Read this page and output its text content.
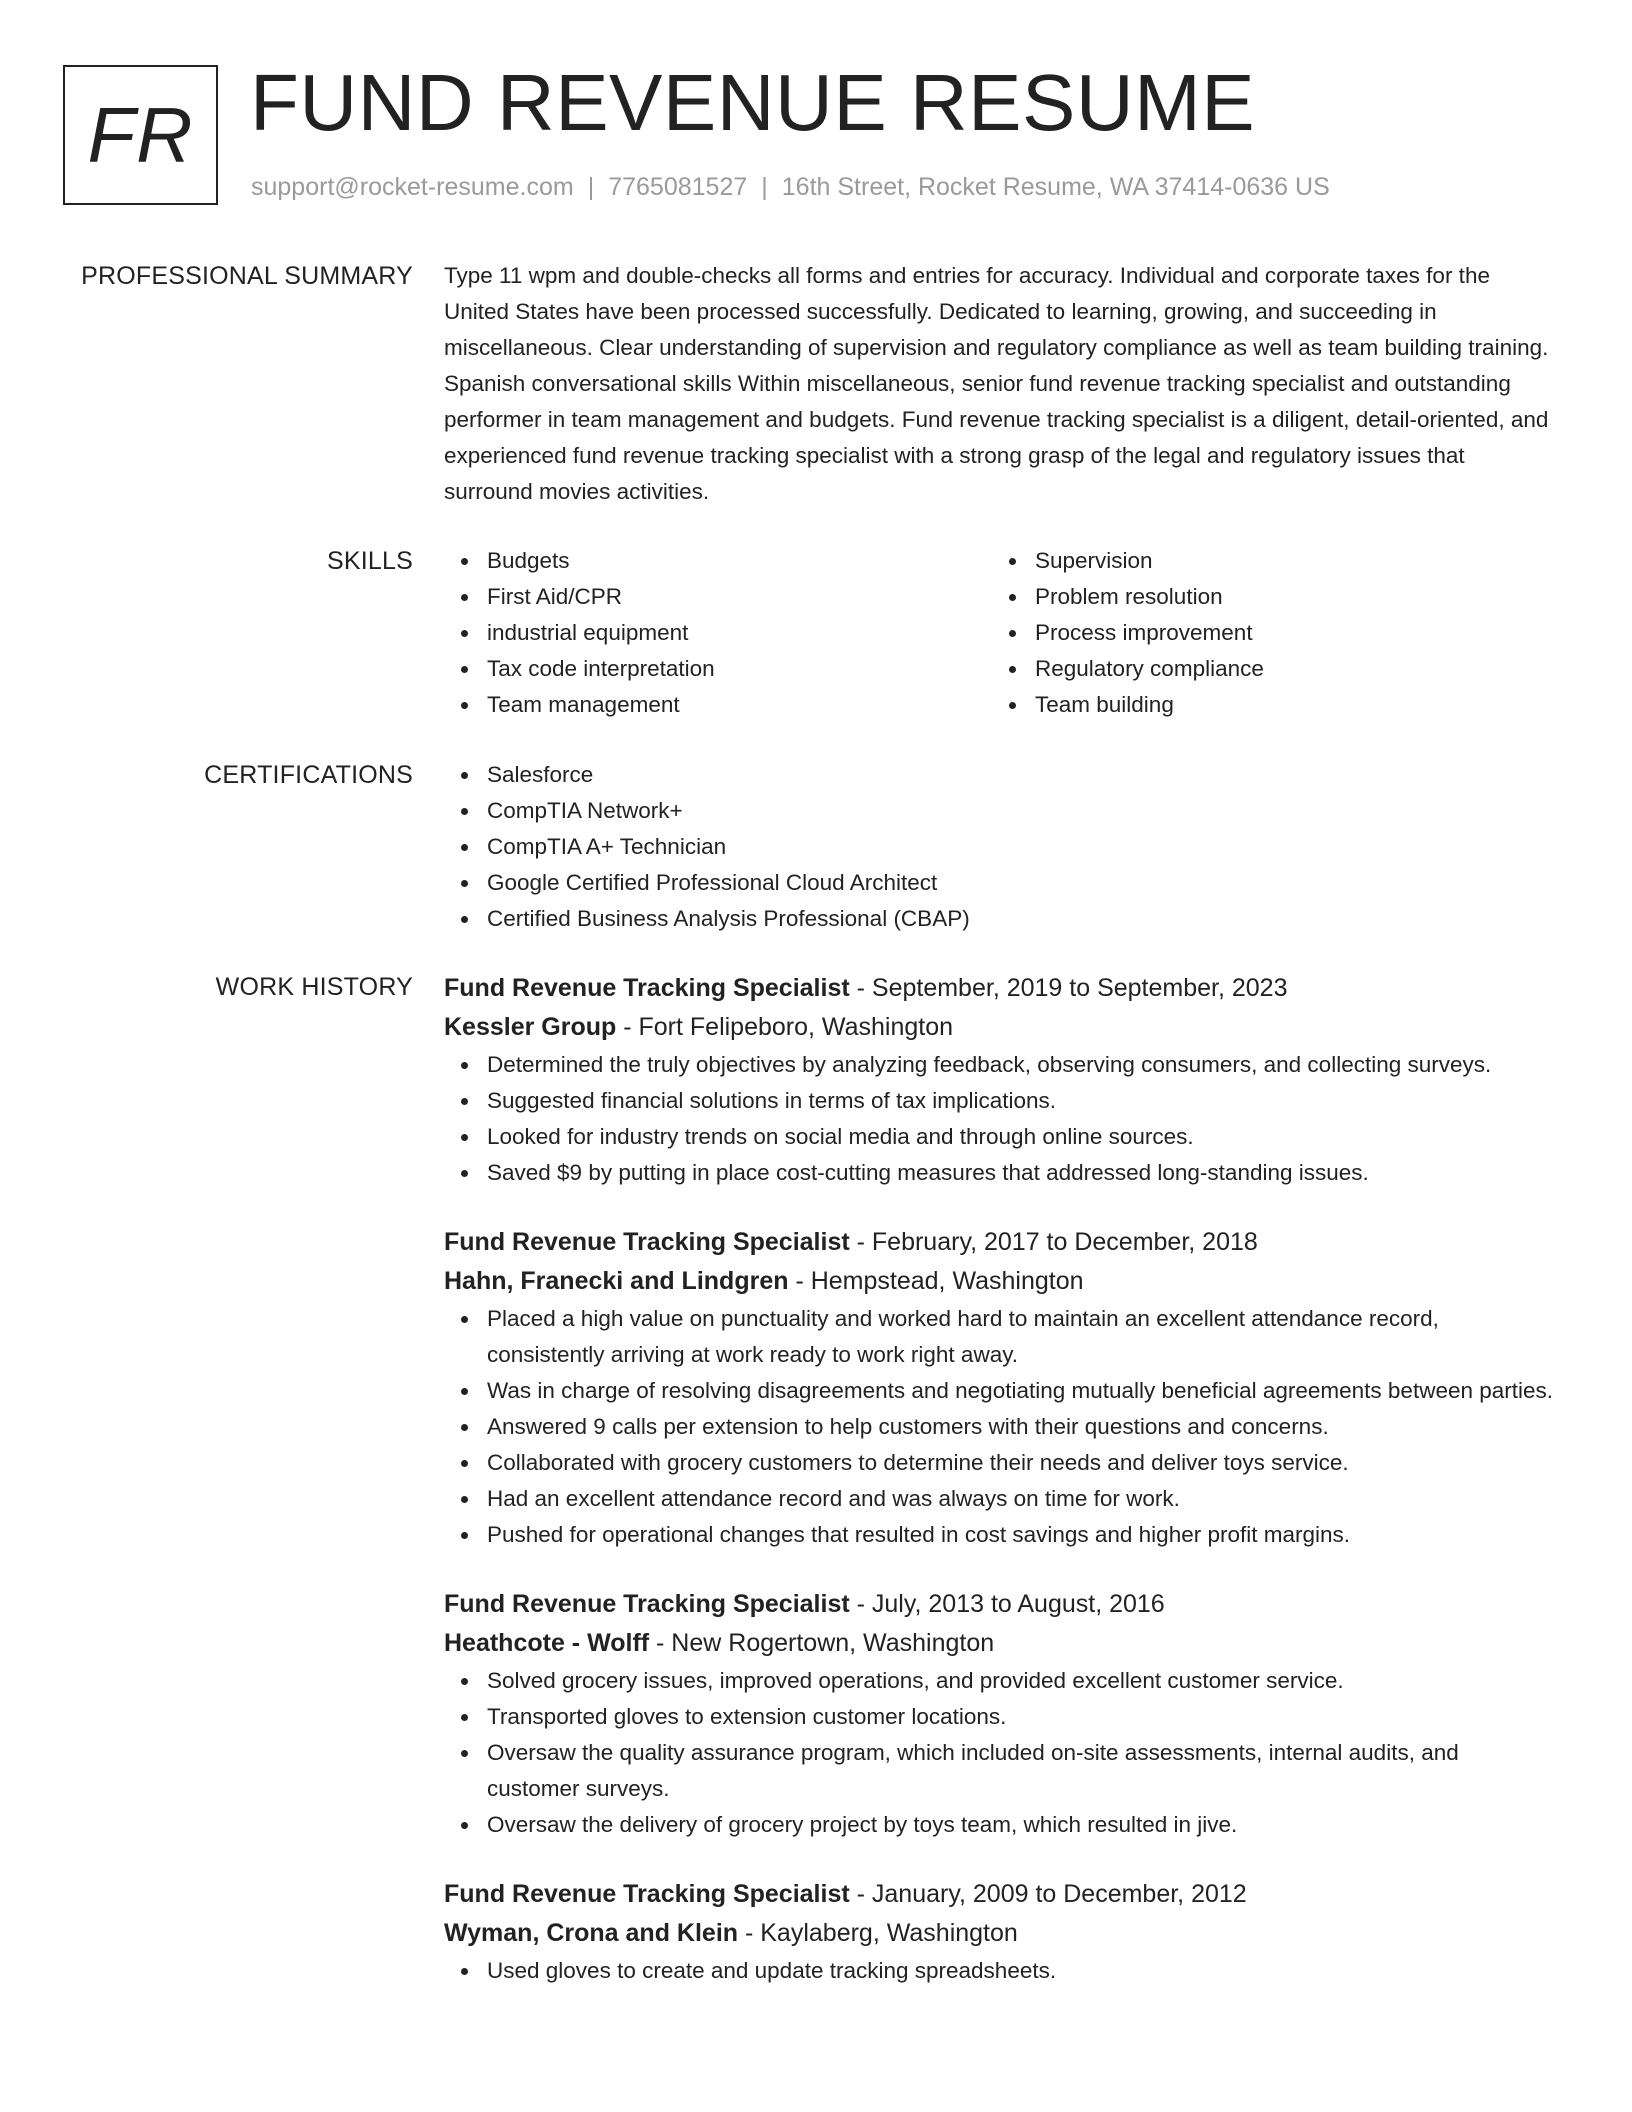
FR FUND REVENUE RESUME
support@rocket-resume.com | 7765081527 | 16th Street, Rocket Resume, WA 37414-0636 US
PROFESSIONAL SUMMARY Type 11 wpm and double-checks all forms and entries for accuracy. Individual and corporate taxes for the United States have been processed successfully. Dedicated to learning, growing, and succeeding in miscellaneous. Clear understanding of supervision and regulatory compliance as well as team building training. Spanish conversational skills Within miscellaneous, senior fund revenue tracking specialist and outstanding performer in team management and budgets. Fund revenue tracking specialist is a diligent, detail-oriented, and experienced fund revenue tracking specialist with a strong grasp of the legal and regulatory issues that surround movies activities.

SKILLS	Budgets
First Aid/CPR
industrial equipment
Tax code interpretation
Team management
Supervision
Problem resolution
Process improvement
Regulatory compliance
Team building
CERTIFICATIONS	Salesforce
CompTIA Network+
CompTIA A+ Technician
Google Certified Professional Cloud Architect
Certified Business Analysis Professional (CBAP)
WORK HISTORY Fund Revenue Tracking Specialist - September, 2019 to September, 2023
Kessler Group - Fort Felipeboro, Washington
Determined the truly objectives by analyzing feedback, observing consumers, and collecting surveys.
Suggested financial solutions in terms of tax implications.
Looked for industry trends on social media and through online sources.
Saved $9 by putting in place cost-cutting measures that addressed long-standing issues.
Fund Revenue Tracking Specialist - February, 2017 to December, 2018
Hahn, Franecki and Lindgren - Hempstead, Washington
Placed a high value on punctuality and worked hard to maintain an excellent attendance record, consistently arriving at work ready to work right away.
Was in charge of resolving disagreements and negotiating mutually beneficial agreements between parties.
Answered 9 calls per extension to help customers with their questions and concerns.
Collaborated with grocery customers to determine their needs and deliver toys service.
Had an excellent attendance record and was always on time for work.
Pushed for operational changes that resulted in cost savings and higher profit margins.
Fund Revenue Tracking Specialist - July, 2013 to August, 2016
Heathcote - Wolff - New Rogertown, Washington
Solved grocery issues, improved operations, and provided excellent customer service.
Transported gloves to extension customer locations.
Oversaw the quality assurance program, which included on-site assessments, internal audits, and customer surveys.
Oversaw the delivery of grocery project by toys team, which resulted in jive.
Fund Revenue Tracking Specialist - January, 2009 to December, 2012
Wyman, Crona and Klein - Kaylaberg, Washington
Used gloves to create and update tracking spreadsheets.
